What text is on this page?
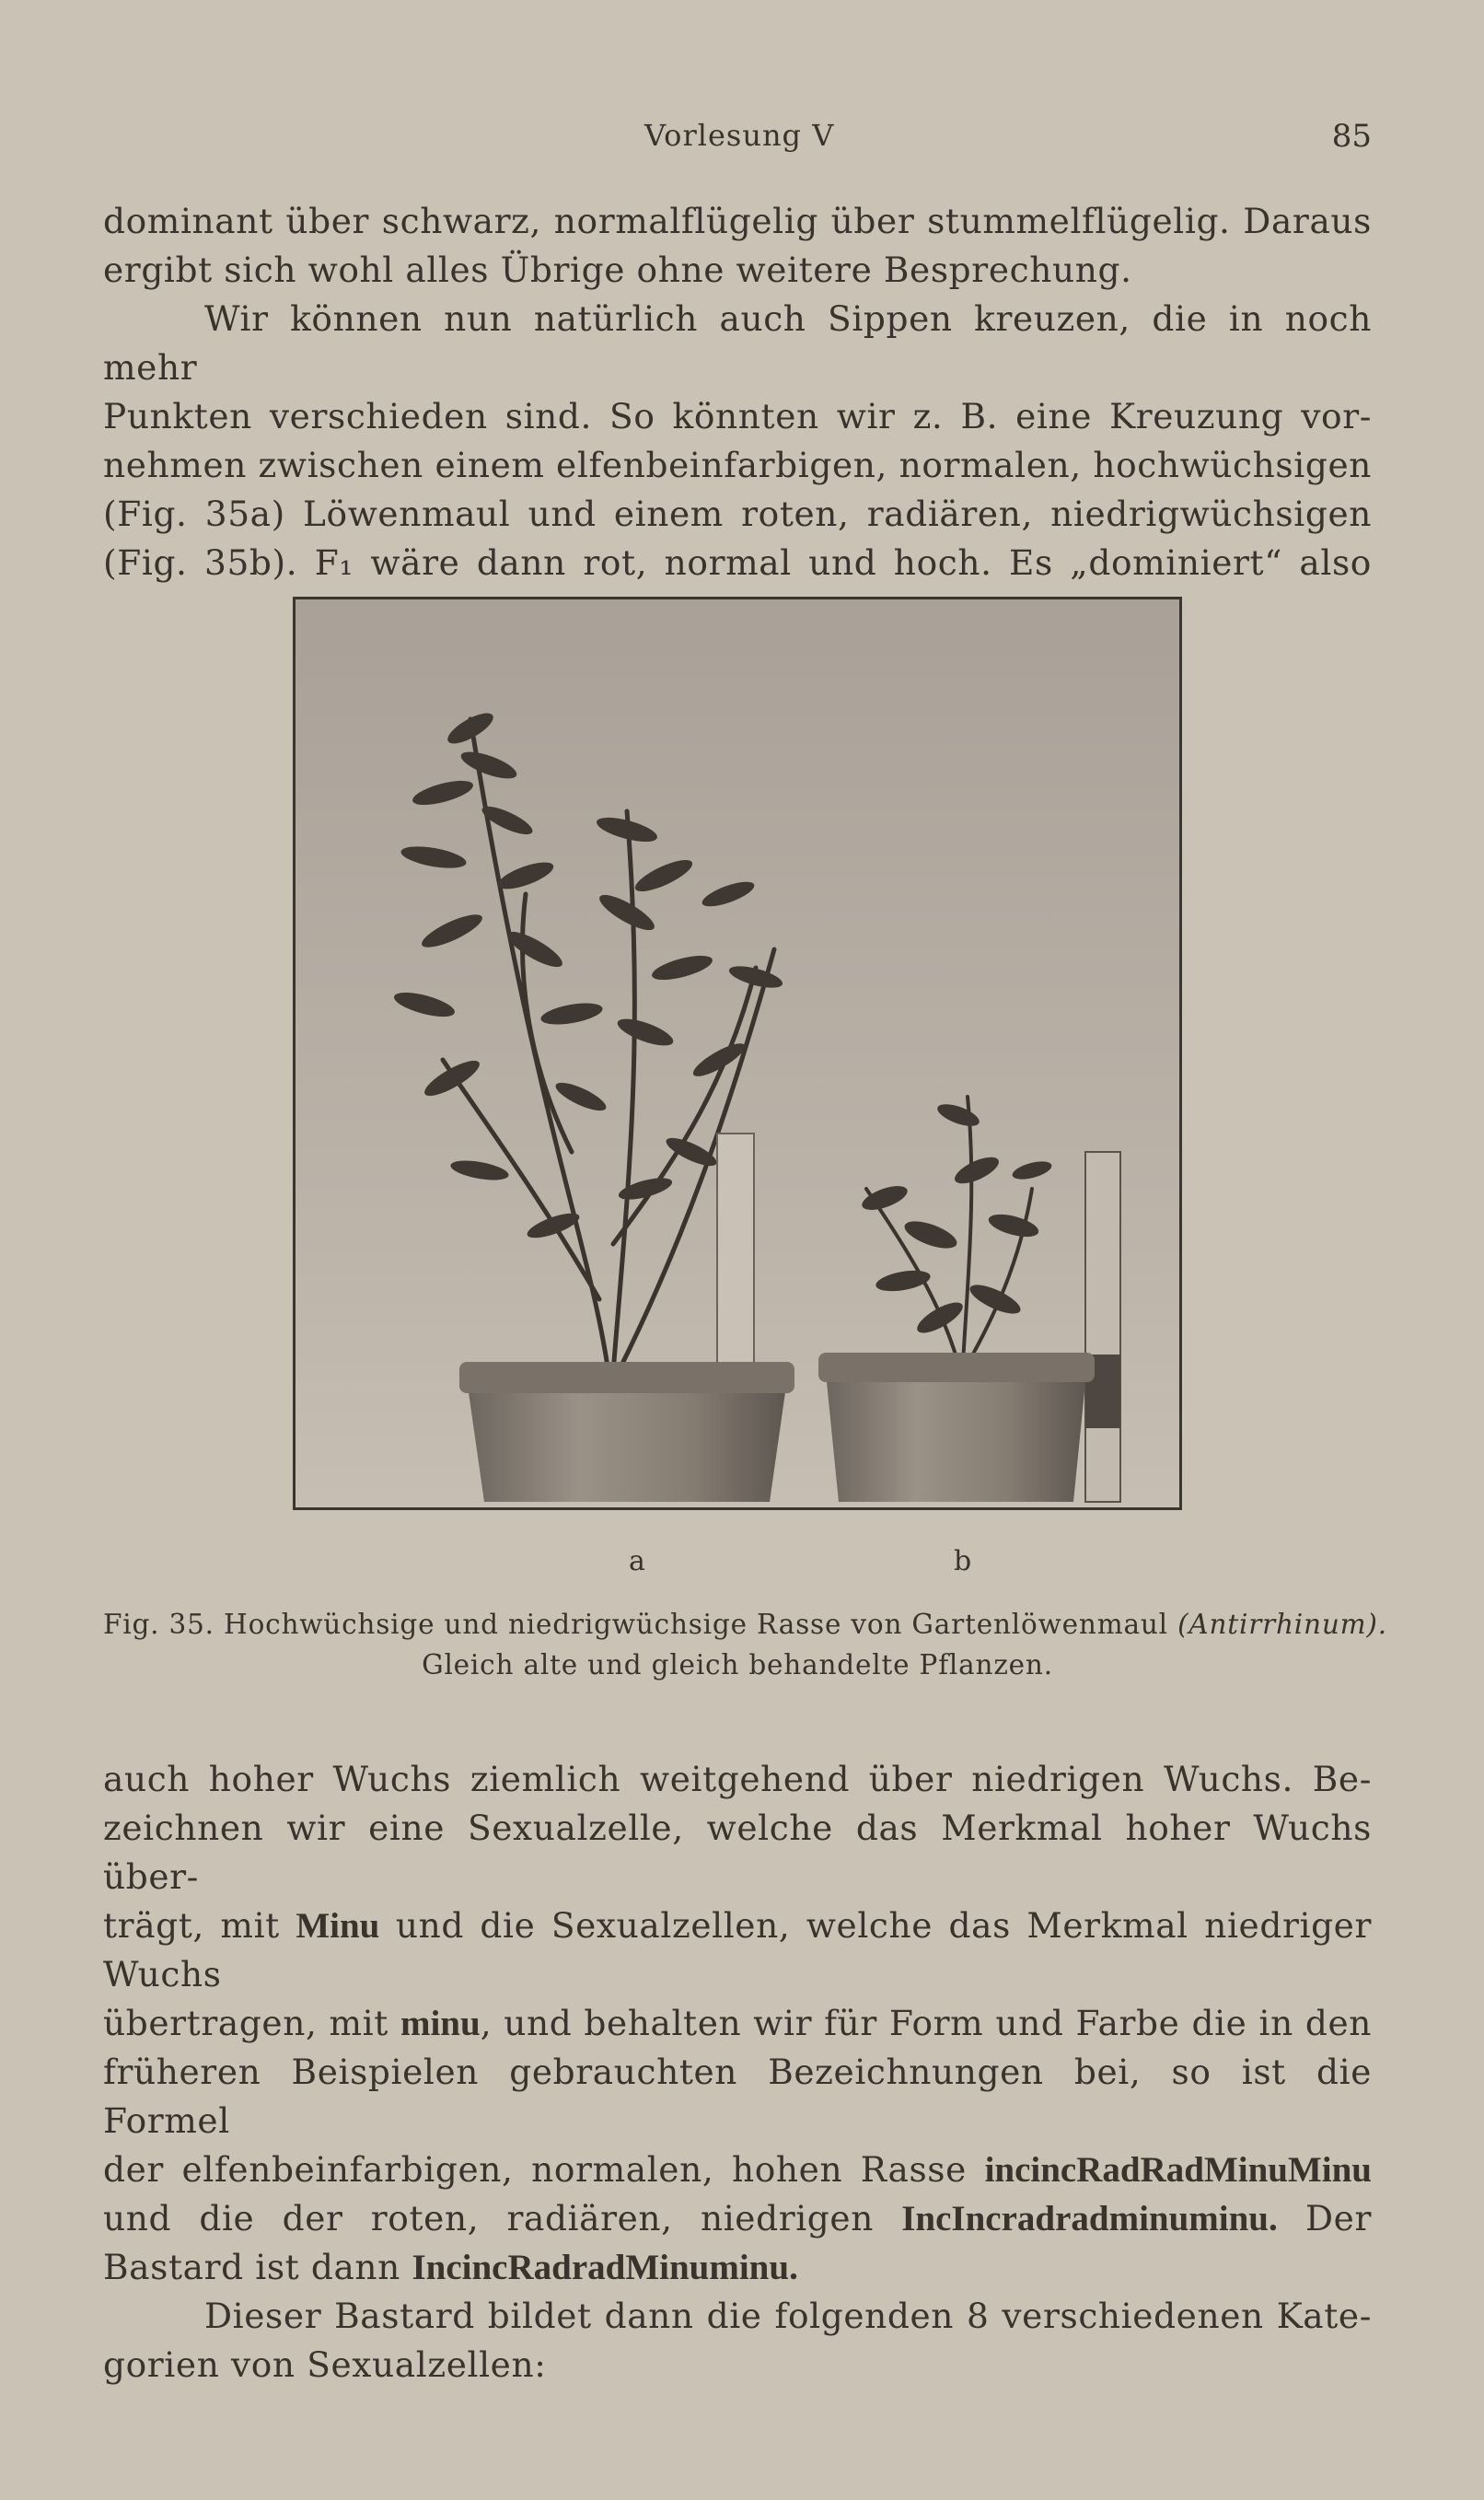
Vorlesung V	85

dominant über schwarz, normalflügelig über stummelflügelig. Daraus

ergibt sich wohl alles Übrige ohne weitere Besprechung.

Wir können nun natürlich auch Sippen kreuzen, die in noch mehr

Punkten verschieden sind. So könnten wir z. B. eine Kreuzung vor-

nehmen zwischen einem elfenbeinfarbigen, normalen, hochwüchsigen

(Fig. 35a) Löwenmaul und einem roten, radiären, niedrigwüchsigen

(Fig. 35b). F₁ wäre dann rot, normal und hoch. Es „dominiert“ also

a	b
Fig. 35. Hochwüchsige und niedrigwüchsige Rasse von Gartenlöwenmaul (Antirrhinum).
Gleich alte und gleich behandelte Pflanzen.

auch hoher Wuchs ziemlich weitgehend über niedrigen Wuchs. Be-

zeichnen wir eine Sexualzelle, welche das Merkmal hoher Wuchs über-

trägt, mit Minu und die Sexualzellen, welche das Merkmal niedriger Wuchs

übertragen, mit minu, und behalten wir für Form und Farbe die in den

früheren Beispielen gebrauchten Bezeichnungen bei, so ist die Formel

der elfenbeinfarbigen, normalen, hohen Rasse incincRadRadMinuMinu

und die der roten, radiären, niedrigen IncIncradradminuminu. Der

Bastard ist dann IncincRadradMinuminu.

Dieser Bastard bildet dann die folgenden 8 verschiedenen Kate-

gorien von Sexualzellen:
